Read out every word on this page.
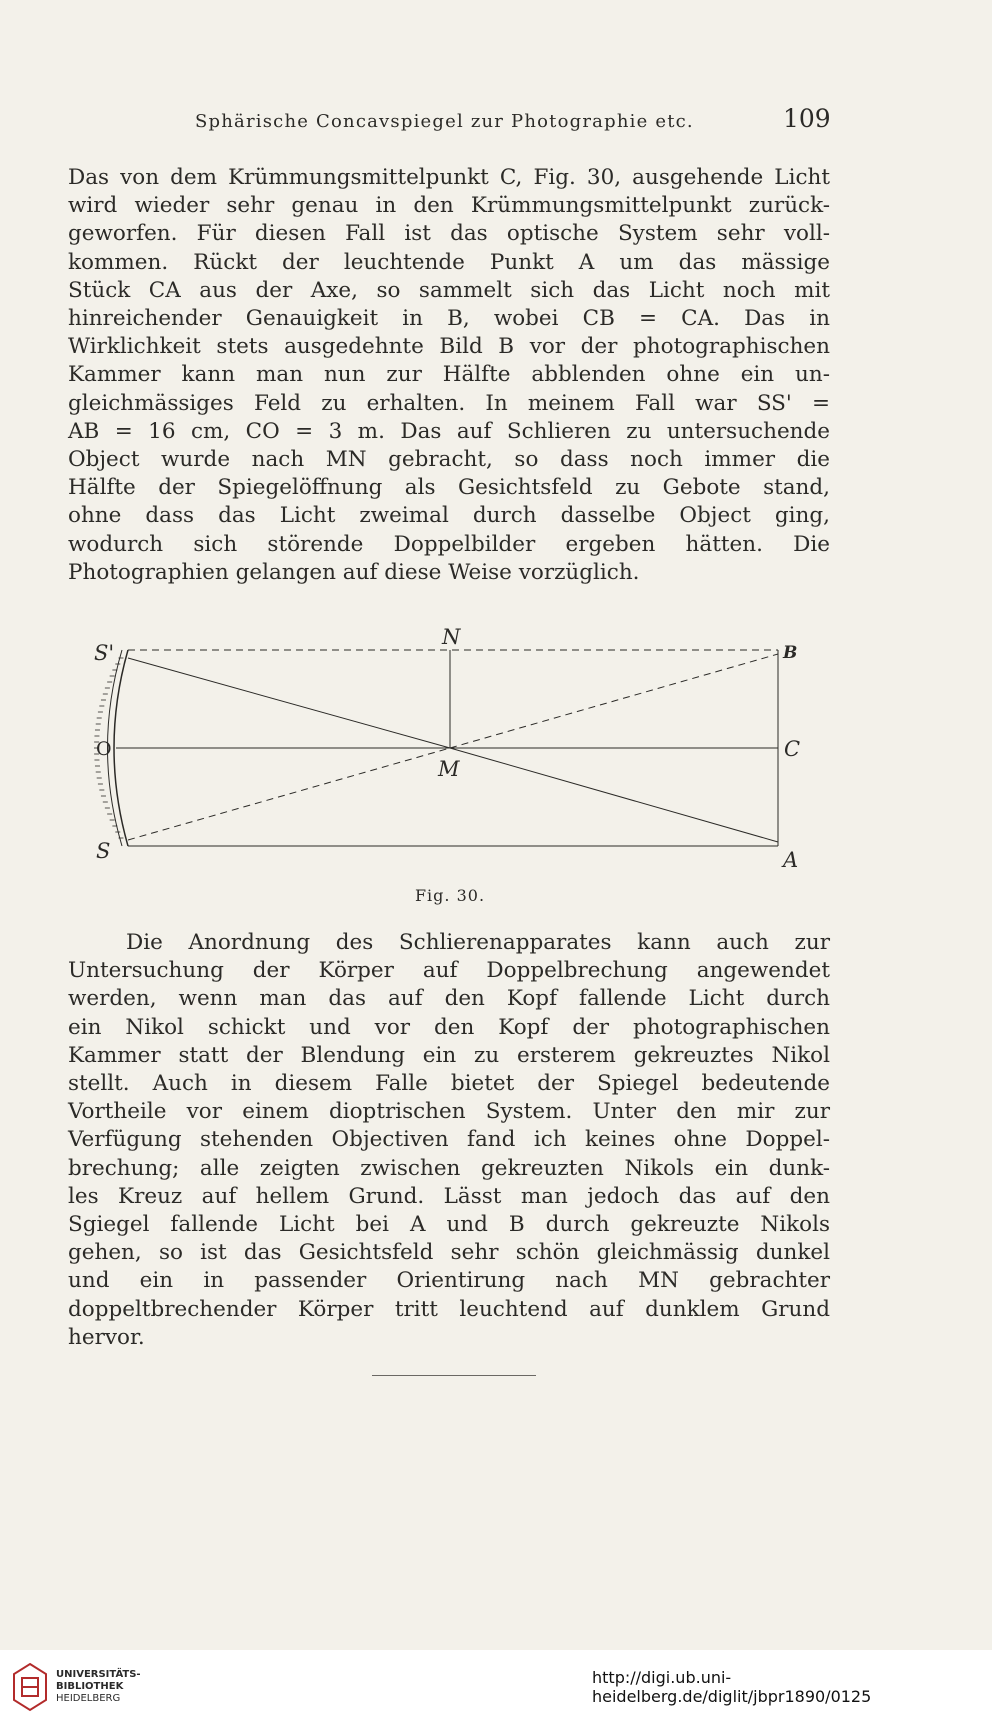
Sphärische Concavspiegel zur Photographie etc.	109
Das von dem Krümmungsmittelpunkt C, Fig. 30, ausgehende Licht
wird wieder sehr genau in den Krümmungsmittelpunkt zurück-
geworfen. Für diesen Fall ist das optische System sehr voll-
kommen. Rückt der leuchtende Punkt A um das mässige
Stück CA aus der Axe, so sammelt sich das Licht noch mit
hinreichender Genauigkeit in B, wobei CB = CA. Das in
Wirklichkeit stets ausgedehnte Bild B vor der photographischen
Kammer kann man nun zur Hälfte abblenden ohne ein un-
gleichmässiges Feld zu erhalten. In meinem Fall war SS' =
AB = 16 cm, CO = 3 m. Das auf Schlieren zu untersuchende
Object wurde nach MN gebracht, so dass noch immer die
Hälfte der Spiegelöffnung als Gesichtsfeld zu Gebote stand,
ohne dass das Licht zweimal durch dasselbe Object ging,
wodurch sich störende Doppelbilder ergeben hätten. Die
Photographien gelangen auf diese Weise vorzüglich.
S'
N
B
O
M
C
S	A
Fig. 30.
Die Anordnung des Schlierenapparates kann auch zur
Untersuchung der Körper auf Doppelbrechung angewendet
werden, wenn man das auf den Kopf fallende Licht durch
ein Nikol schickt und vor den Kopf der photographischen
Kammer statt der Blendung ein zu ersterem gekreuztes Nikol
stellt. Auch in diesem Falle bietet der Spiegel bedeutende
Vortheile vor einem dioptrischen System. Unter den mir zur
Verfügung stehenden Objectiven fand ich keines ohne Doppel-
brechung; alle zeigten zwischen gekreuzten Nikols ein dunk-
les Kreuz auf hellem Grund. Lässt man jedoch das auf den
Sgiegel fallende Licht bei A und B durch gekreuzte Nikols
gehen, so ist das Gesichtsfeld sehr schön gleichmässig dunkel
und ein in passender Orientirung nach MN gebrachter
doppeltbrechender Körper tritt leuchtend auf dunklem Grund
hervor.
UNIVERSITÄTS-
BIBLIOTHEK
HEIDELBERG
http://digi.ub.uni-heidelberg.de/diglit/jbpr1890/0125
